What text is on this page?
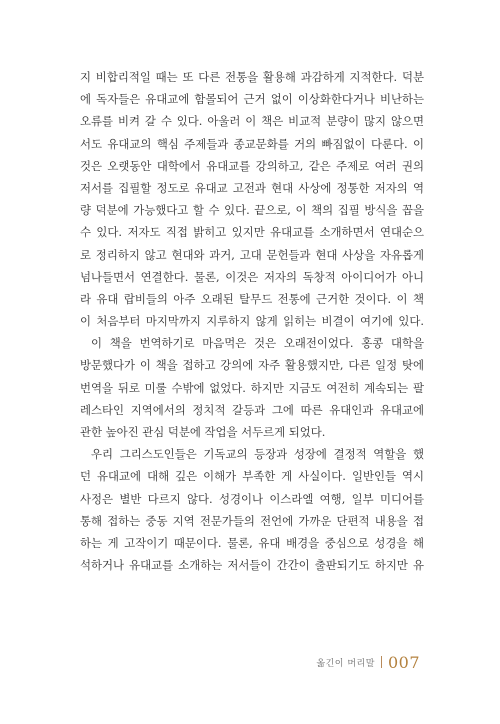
지 비합리적일 때는 또 다른 전통을 활용해 과감하게 지적한다. 덕분
에 독자들은 유대교에 함몰되어 근거 없이 이상화한다거나 비난하는
오류를 비켜 갈 수 있다. 아울러 이 책은 비교적 분량이 많지 않으면
서도 유대교의 핵심 주제들과 종교문화를 거의 빠짐없이 다룬다. 이
것은 오랫동안 대학에서 유대교를 강의하고, 같은 주제로 여러 권의
저서를 집필할 정도로 유대교 고전과 현대 사상에 정통한 저자의 역
량 덕분에 가능했다고 할 수 있다. 끝으로, 이 책의 집필 방식을 꼽을
수 있다. 저자도 직접 밝히고 있지만 유대교를 소개하면서 연대순으
로 정리하지 않고 현대와 과거, 고대 문헌들과 현대 사상을 자유롭게
넘나들면서 연결한다. 물론, 이것은 저자의 독창적 아이디어가 아니
라 유대 랍비들의 아주 오래된 탈무드 전통에 근거한 것이다. 이 책
이 처음부터 마지막까지 지루하지 않게 읽히는 비결이 여기에 있다.

이 책을 번역하기로 마음먹은 것은 오래전이었다. 홍콩 대학을
방문했다가 이 책을 접하고 강의에 자주 활용했지만, 다른 일정 탓에
번역을 뒤로 미룰 수밖에 없었다. 하지만 지금도 여전히 계속되는 팔
레스타인 지역에서의 정치적 갈등과 그에 따른 유대인과 유대교에
관한 높아진 관심 덕분에 작업을 서두르게 되었다.

우리 그리스도인들은 기독교의 등장과 성장에 결정적 역할을 했
던 유대교에 대해 깊은 이해가 부족한 게 사실이다. 일반인들 역시
사정은 별반 다르지 않다. 성경이나 이스라엘 여행, 일부 미디어를
통해 접하는 중동 지역 전문가들의 전언에 가까운 단편적 내용을 접
하는 게 고작이기 때문이다. 물론, 유대 배경을 중심으로 성경을 해
석하거나 유대교를 소개하는 저서들이 간간이 출판되기도 하지만 유

옮긴이 머리말 007
